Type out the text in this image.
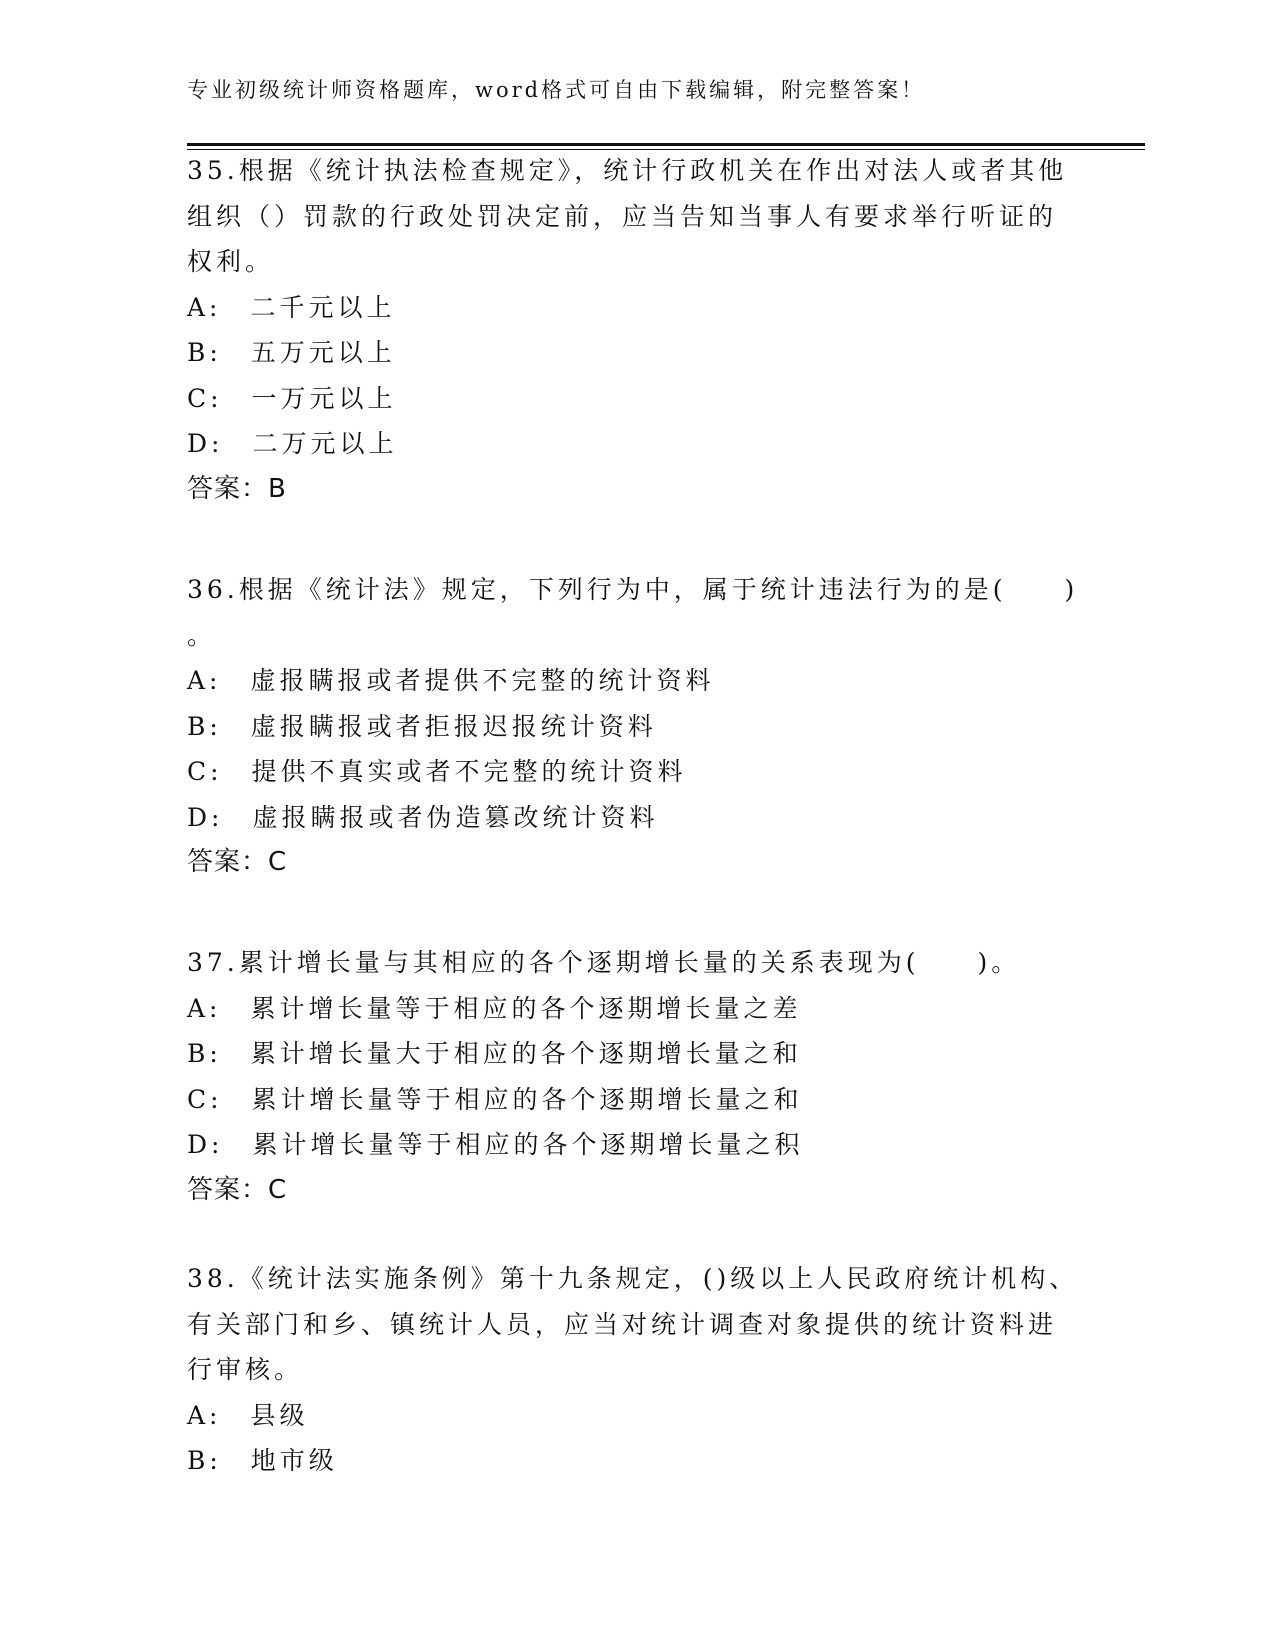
专业初级统计师资格题库，word格式可自由下载编辑，附完整答案！
35.根据《统计执法检查规定》，统计行政机关在作出对法人或者其他
组织（）罚款的行政处罚决定前，应当告知当事人有要求举行听证的
权利。
A:　二千元以上
B:　五万元以上
C:　一万元以上
D:　二万元以上
答案：B
36.根据《统计法》规定，下列行为中，属于统计违法行为的是(　　)
。
A:　虚报瞒报或者提供不完整的统计资料
B:　虚报瞒报或者拒报迟报统计资料
C:　提供不真实或者不完整的统计资料
D:　虚报瞒报或者伪造篡改统计资料
答案：C
37.累计增长量与其相应的各个逐期增长量的关系表现为(　　)。
A:　累计增长量等于相应的各个逐期增长量之差
B:　累计增长量大于相应的各个逐期增长量之和
C:　累计增长量等于相应的各个逐期增长量之和
D:　累计增长量等于相应的各个逐期增长量之积
答案：C
38.《统计法实施条例》第十九条规定，()级以上人民政府统计机构、
有关部门和乡、镇统计人员，应当对统计调查对象提供的统计资料进
行审核。
A:　县级
B:　地市级
